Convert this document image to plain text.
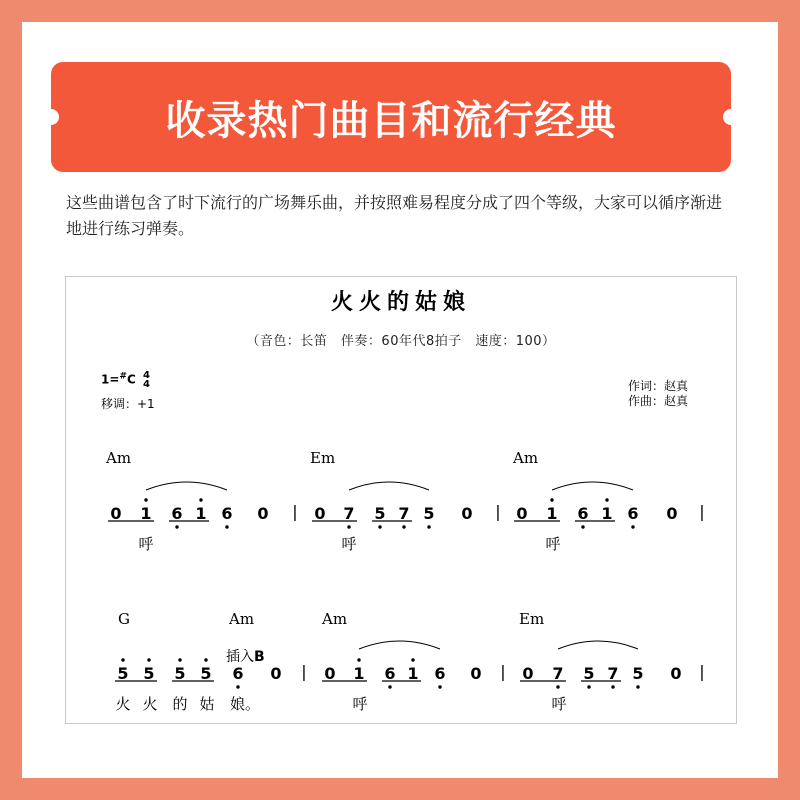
收录热门曲目和流行经典
这些曲谱包含了时下流行的广场舞乐曲，并按照难易程度分成了四个等级，大家可以循序渐进地进行练习弹奏。
火火的姑娘
（音色：长笛　伴奏：60年代8拍子　速度：100）
1=#C 4
4
移调：+1
作词：赵真
作曲：赵真
Am	Em	Am
0 1 6 1 6 0	0 7 5 7 5 0	0 1 6 1 6 0
呼	呼	呼
G	Am	Am	Em
插入B
5 5 5 5 6 0	0 1 6 1 6 0	0 7 5 7 5 0
火 火 的 姑 娘。	呼	呼
|	|	|
|	|	|
